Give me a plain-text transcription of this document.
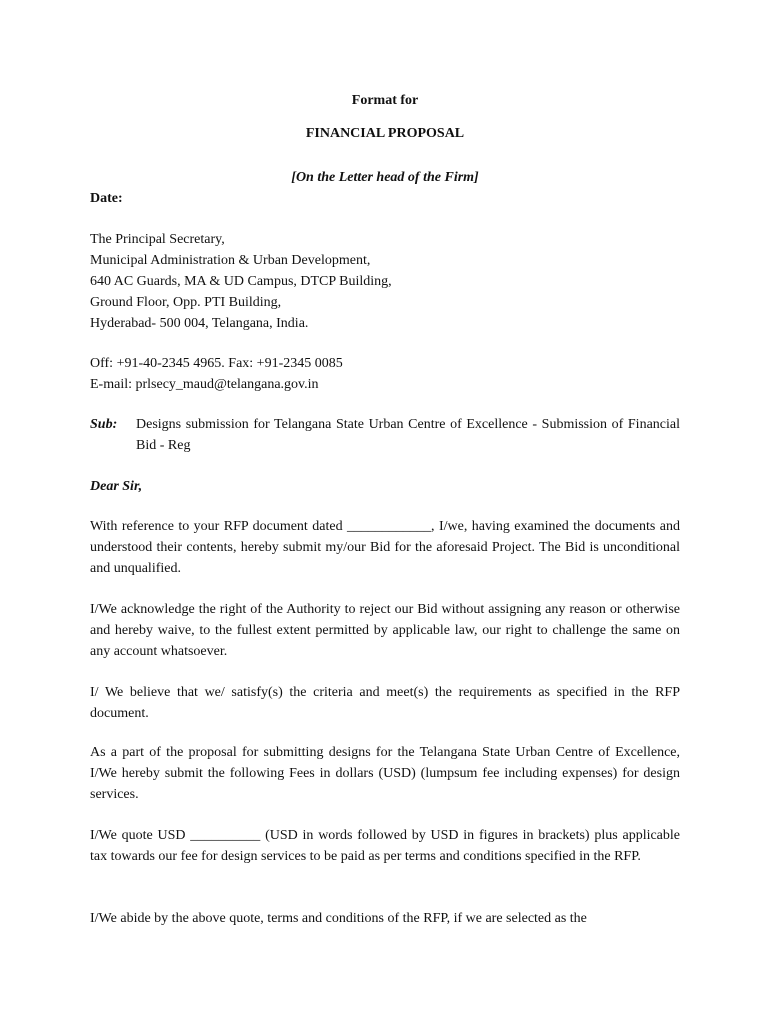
Format for
FINANCIAL PROPOSAL
[On the Letter head of the Firm]
Date:
The Principal Secretary,
Municipal Administration & Urban Development,
640 AC Guards, MA & UD Campus, DTCP Building,
Ground Floor, Opp. PTI Building,
Hyderabad- 500 004, Telangana, India.
Off: +91-40-2345 4965. Fax: +91-2345 0085
E-mail: prlsecy_maud@telangana.gov.in
Sub: Designs submission for Telangana State Urban Centre of Excellence - Submission of Financial Bid - Reg
Dear Sir,
With reference to your RFP document dated ____________, I/we, having examined the documents and understood their contents, hereby submit my/our Bid for the aforesaid Project. The Bid is unconditional and unqualified.
I/We acknowledge the right of the Authority to reject our Bid without assigning any reason or otherwise and hereby waive, to the fullest extent permitted by applicable law, our right to challenge the same on any account whatsoever.
I/ We believe that we/ satisfy(s) the criteria and meet(s) the requirements as specified in the RFP document.
As a part of the proposal for submitting designs for the Telangana State Urban Centre of Excellence, I/We hereby submit the following Fees in dollars (USD) (lumpsum fee including expenses) for design services.
I/We quote USD __________ (USD in words followed by USD in figures in brackets) plus applicable tax towards our fee for design services to be paid as per terms and conditions specified in the RFP.
I/We abide by the above quote, terms and conditions of the RFP, if we are selected as the
